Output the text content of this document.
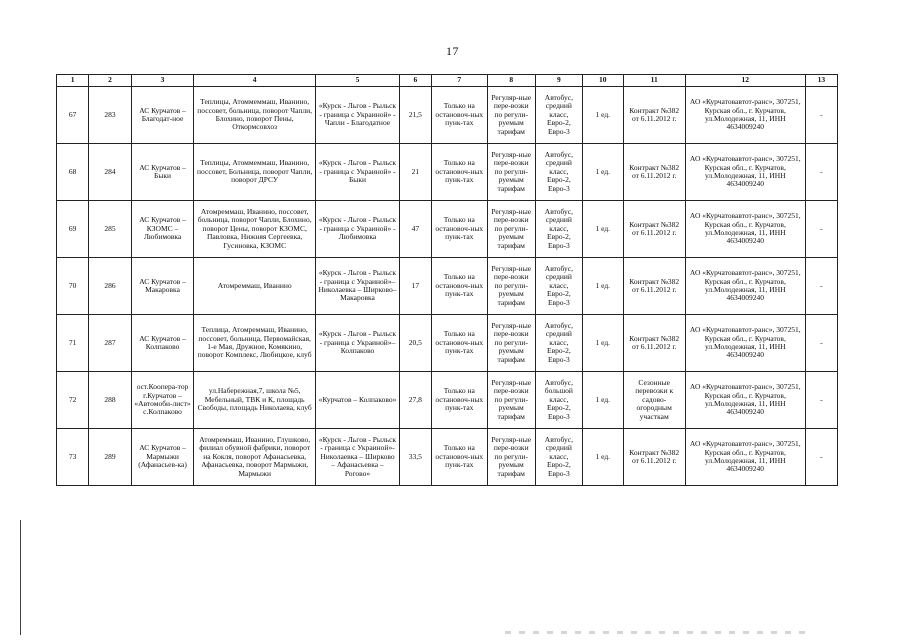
17
1	2	3	4	5	6	7	8	9	10	11	12	13
67	283	АС Курчатов – Благодат-ное	Теплицы, Атоммеммаш, Иванино, поссовет, больница, поворот Чапли, Блохино, поворот Пены, Откормсовхоз	«Курск - Льгов - Рыльск - граница с Украиной» - Чапли - Благодатное	21,5	Только на остановоч-ных пунк-тах	Регуляр-ные пере-возки по регули-руемым тарифам	Автобус, средний класс, Евро-2, Евро-3	1 ед.	Контракт №382 от 6.11.2012 г.	АО «Курчатовавтот-ранс», 307251, Курская обл., г. Курчатов, ул.Молодежная, 11, ИНН 4634009240	-
68	284	АС Курчатов – Быки	Теплицы, Атоммеммаш, Иванино, поссовет, Больница, поворот Чапли, поворот ДРСУ	«Курск - Льгов - Рыльск - граница с Украиной» - Быки	21	Только на остановоч-ных пунк-тах	Регуляр-ные пере-возки по регули-руемым тарифам	Автобус, средний класс, Евро-2, Евро-3	1 ед.	Контракт №382 от 6.11.2012 г.	АО «Курчатовавтот-ранс», 307251, Курская обл., г. Курчатов, ул.Молодежная, 11, ИНН 4634009240	-
69	285	АС Курчатов – КЗОМС – Любимовка	Атомреммаш, Иванино, поссовет, больница, поворот Чапли, Блохино, поворот Цены, поворот КЗОМС, Павловка, Нижняя Сергеевка, Гусиновка, КЗОМС	«Курск - Льгов - Рыльск - граница с Украиной» - Любимовка	47	Только на остановоч-ных пунк-тах	Регуляр-ные пере-возки по регули-руемым тарифам	Автобус, средний класс, Евро-2, Евро-3	1 ед.	Контракт №382 от 6.11.2012 г.	АО «Курчатовавтот-ранс», 307251, Курская обл., г. Курчатов, ул.Молодежная, 11, ИНН 4634009240	-
70	286	АС Курчатов – Макаровка	Атомреммаш, Иванино	«Курск - Льгов - Рыльск - граница с Украиной»– Николаевка – Ширково– Макаровка	17	Только на остановоч-ных пунк-тах	Регуляр-ные пере-возки по регули-руемым тарифам	Автобус, средний класс, Евро-2, Евро-3	1 ед.	Контракт №382 от 6.11.2012 г.	АО «Курчатовавтот-ранс», 307251, Курская обл., г. Курчатов, ул.Молодежная, 11, ИНН 4634009240	-
71	287	АС Курчатов – Колпаково	Теплица, Атомреммаш, Иванино, поссовет, больница, Первомайская, 1-е Мая, Дружное, Комякино, поворот Комплекс, Любицкое, клуб	«Курск - Льгов - Рыльск - граница с Украиной»– Колпаково	20,5	Только на остановоч-ных пунк-тах	Регуляр-ные пере-возки по регули-руемым тарифам	Автобус, средний класс, Евро-2, Евро-3	1 ед.	Контракт №382 от 6.11.2012 г.	АО «Курчатовавтот-ранс», 307251, Курская обл., г. Курчатов, ул.Молодежная, 11, ИНН 4634009240	-
72	288	ост.Коопера-тор г.Курчатов – «Автомоби-лист» с.Колпаково	ул.Набережная,7, школа №5, Мебельный, ТВК и К, площадь Свободы, площадь Николаева, клуб	«Курчатов – Колпаково»	27,8	Только на остановоч-ных пунк-тах	Регуляр-ные пере-возки по регули-руемым тарифам	Автобус, большой класс, Евро-2, Евро-3	1 ед.	Сезонные перевозки к садово-огородным участкам	АО «Курчатовавтот-ранс», 307251, Курская обл., г. Курчатов, ул.Молодежная, 11, ИНН 4634009240	-
73	289	АС Курчатов – Мармыжи (Афанасьев-ка)	Атомреммаш, Иванино, Глушково, филиал обувной фабрики, поворот на Кокля, поворот Афанасьевка, Афанасьевка, поворот Мармыжи, Мармыжи	«Курск - Льгов - Рыльск - граница с Украиной»- Николаевка – Ширково – Афанасьевка – Рогово»	33,5	Только на остановоч-ных пунк-тах	Регуляр-ные пере-возки по регули-руемым тарифам	Автобус, средний класс, Евро-2, Евро-3	1 ед.	Контракт №382 от 6.11.2012 г.	АО «Курчатовавтот-ранс», 307251, Курская обл., г. Курчатов, ул.Молодежная, 11, ИНН 4634009240	-
